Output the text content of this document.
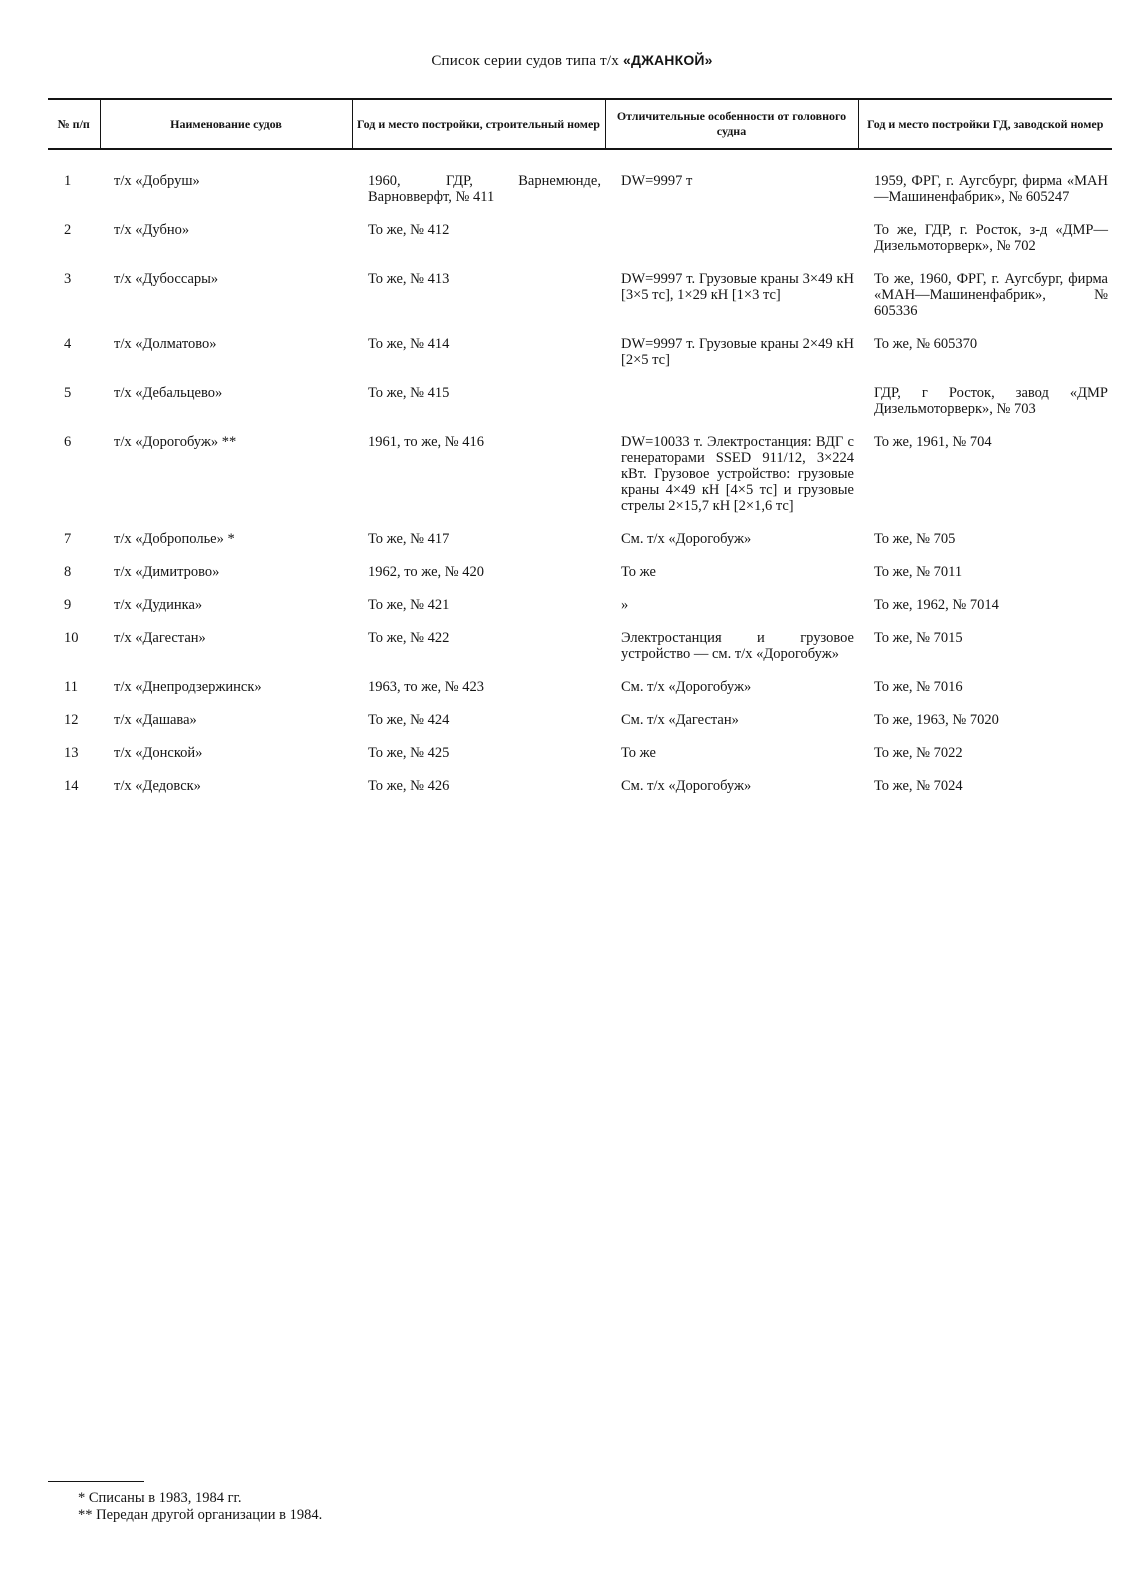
Список серии судов типа т/х «ДЖАНКОЙ»
№ п/п	Наименование судов	Год и место постройки, строительный номер	Отличительные особенности от головного судна	Год и место постройки ГД, заводской номер
1	т/х «Добруш»	1960, ГДР, Варнемюнде, Варновверфт, № 411	DW=9997 т	1959, ФРГ, г. Аугсбург, фирма «МАН—Машиненфабрик», № 605247

2	т/х «Дубно»	То же, № 412		То же, ГДР, г. Росток, з-д «ДМР—Дизельмоторверк», № 702

3	т/х «Дубоссары»	То же, № 413	DW=9997 т. Грузовые краны 3×49 кН [3×5 тс], 1×29 кН [1×3 тс]	То же, 1960, ФРГ, г. Аугсбург, фирма «МАН—Машиненфабрик», № 605336

4	т/х «Долматово»	То же, № 414	DW=9997 т. Грузовые краны 2×49 кН [2×5 тс]	То же, № 605370

5	т/х «Дебальцево»	То же, № 415		ГДР, г Росток, завод «ДМР Дизельмоторверк», № 703

6	т/х «Дорогобуж» **	1961, то же, № 416	DW=10033 т. Электростанция: ВДГ с генераторами SSED 911/12, 3×224 кВт. Грузовое устройство: грузовые краны 4×49 кН [4×5 тс] и грузовые стрелы 2×15,7 кН [2×1,6 тс]	То же, 1961, № 704

7	т/х «Доброполье» *	То же, № 417	См. т/х «Дорогобуж»	То же, № 705

8	т/х «Димитрово»	1962, то же, № 420	То же	То же, № 7011

9	т/х «Дудинка»	То же, № 421	»	То же, 1962, № 7014

10	т/х «Дагестан»	То же, № 422	Электростанция и грузовое устройство — см. т/х «Дорогобуж»	То же, № 7015

11	т/х «Днепродзержинск»	1963, то же, № 423	См. т/х «Дорогобуж»	То же, № 7016

12	т/х «Дашава»	То же, № 424	См. т/х «Дагестан»	То же, 1963, № 7020

13	т/х «Донской»	То же, № 425	То же	То же, № 7022

14	т/х «Дедовск»	То же, № 426	См. т/х «Дорогобуж»	То же, № 7024
* Списаны в 1983, 1984 гг.
** Передан другой организации в 1984.
